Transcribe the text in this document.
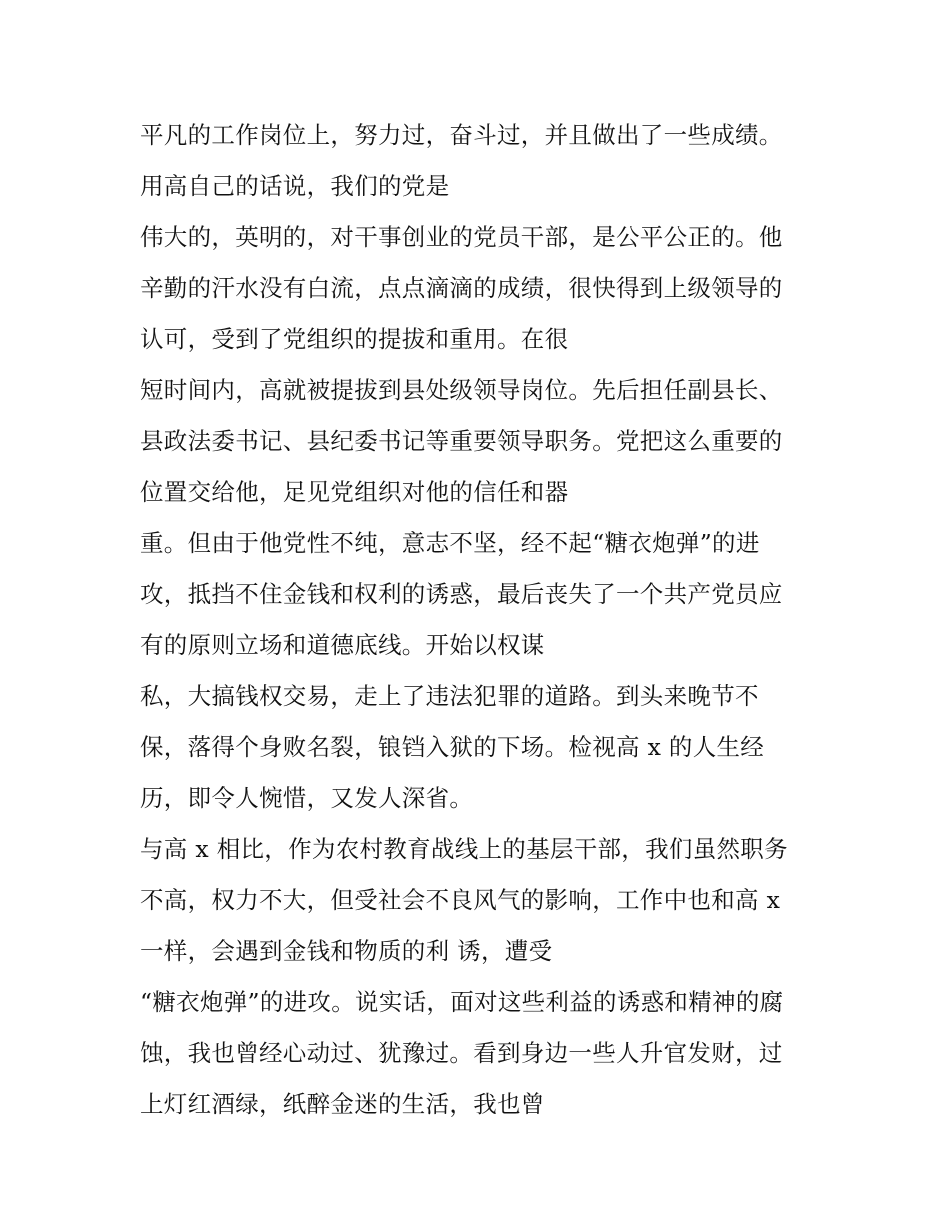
平凡的工作岗位上，努力过，奋斗过，并且做出了一些成绩。
用高自己的话说，我们的党是
伟大的，英明的，对干事创业的党员干部，是公平公正的。他
辛勤的汗水没有白流，点点滴滴的成绩，很快得到上级领导的
认可，受到了党组织的提拔和重用。在很
短时间内，高就被提拔到县处级领导岗位。先后担任副县长、
县政法委书记、县纪委书记等重要领导职务。党把这么重要的
位置交给他，足见党组织对他的信任和器
重。但由于他党性不纯，意志不坚，经不起“糖衣炮弹”的进
攻，抵挡不住金钱和权利的诱惑，最后丧失了一个共产党员应
有的原则立场和道德底线。开始以权谋
私，大搞钱权交易，走上了违法犯罪的道路。到头来晚节不
保，落得个身败名裂，锒铛入狱的下场。检视高 x 的人生经
历，即令人惋惜，又发人深省。
与高 x 相比，作为农村教育战线上的基层干部，我们虽然职务
不高，权力不大，但受社会不良风气的影响，工作中也和高 x
一样，会遇到金钱和物质的利 诱，遭受
“糖衣炮弹”的进攻。说实话，面对这些利益的诱惑和精神的腐
蚀，我也曾经心动过、犹豫过。看到身边一些人升官发财，过
上灯红酒绿，纸醉金迷的生活，我也曾
